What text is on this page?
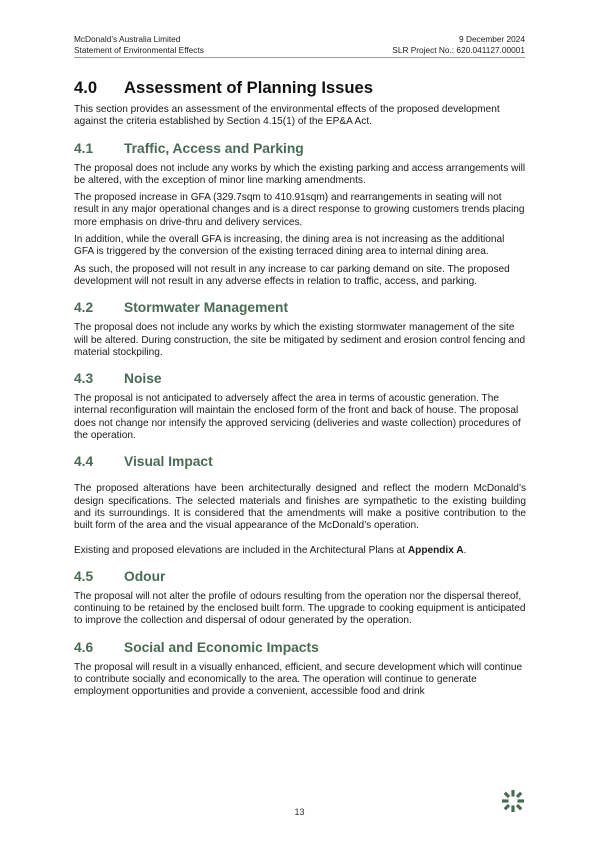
McDonald’s Australia Limited
Statement of Environmental Effects
9 December 2024
SLR Project No.: 620.041127.00001
4.0 Assessment of Planning Issues

This section provides an assessment of the environmental effects of the proposed development against the criteria established by Section 4.15(1) of the EP&A Act.

4.1 Traffic, Access and Parking

The proposal does not include any works by which the existing parking and access arrangements will be altered, with the exception of minor line marking amendments.

The proposed increase in GFA (329.7sqm to 410.91sqm) and rearrangements in seating will not result in any major operational changes and is a direct response to growing customers trends placing more emphasis on drive-thru and delivery services.

In addition, while the overall GFA is increasing, the dining area is not increasing as the additional GFA is triggered by the conversion of the existing terraced dining area to internal dining area.

As such, the proposed will not result in any increase to car parking demand on site. The proposed development will not result in any adverse effects in relation to traffic, access, and parking.

4.2 Stormwater Management

The proposal does not include any works by which the existing stormwater management of the site will be altered. During construction, the site be mitigated by sediment and erosion control fencing and material stockpiling.

4.3 Noise

The proposal is not anticipated to adversely affect the area in terms of acoustic generation. The internal reconfiguration will maintain the enclosed form of the front and back of house. The proposal does not change nor intensify the approved servicing (deliveries and waste collection) procedures of the operation.

4.4 Visual Impact

The proposed alterations have been architecturally designed and reflect the modern McDonald’s design specifications. The selected materials and finishes are sympathetic to the existing building and its surroundings. It is considered that the amendments will make a positive contribution to the built form of the area and the visual appearance of the McDonald’s operation.

Existing and proposed elevations are included in the Architectural Plans at Appendix A.

4.5 Odour

The proposal will not alter the profile of odours resulting from the operation nor the dispersal thereof, continuing to be retained by the enclosed built form. The upgrade to cooking equipment is anticipated to improve the collection and dispersal of odour generated by the operation.

4.6 Social and Economic Impacts

The proposal will result in a visually enhanced, efficient, and secure development which will continue to contribute socially and economically to the area. The operation will continue to generate employment opportunities and provide a convenient, accessible food and drink

13
